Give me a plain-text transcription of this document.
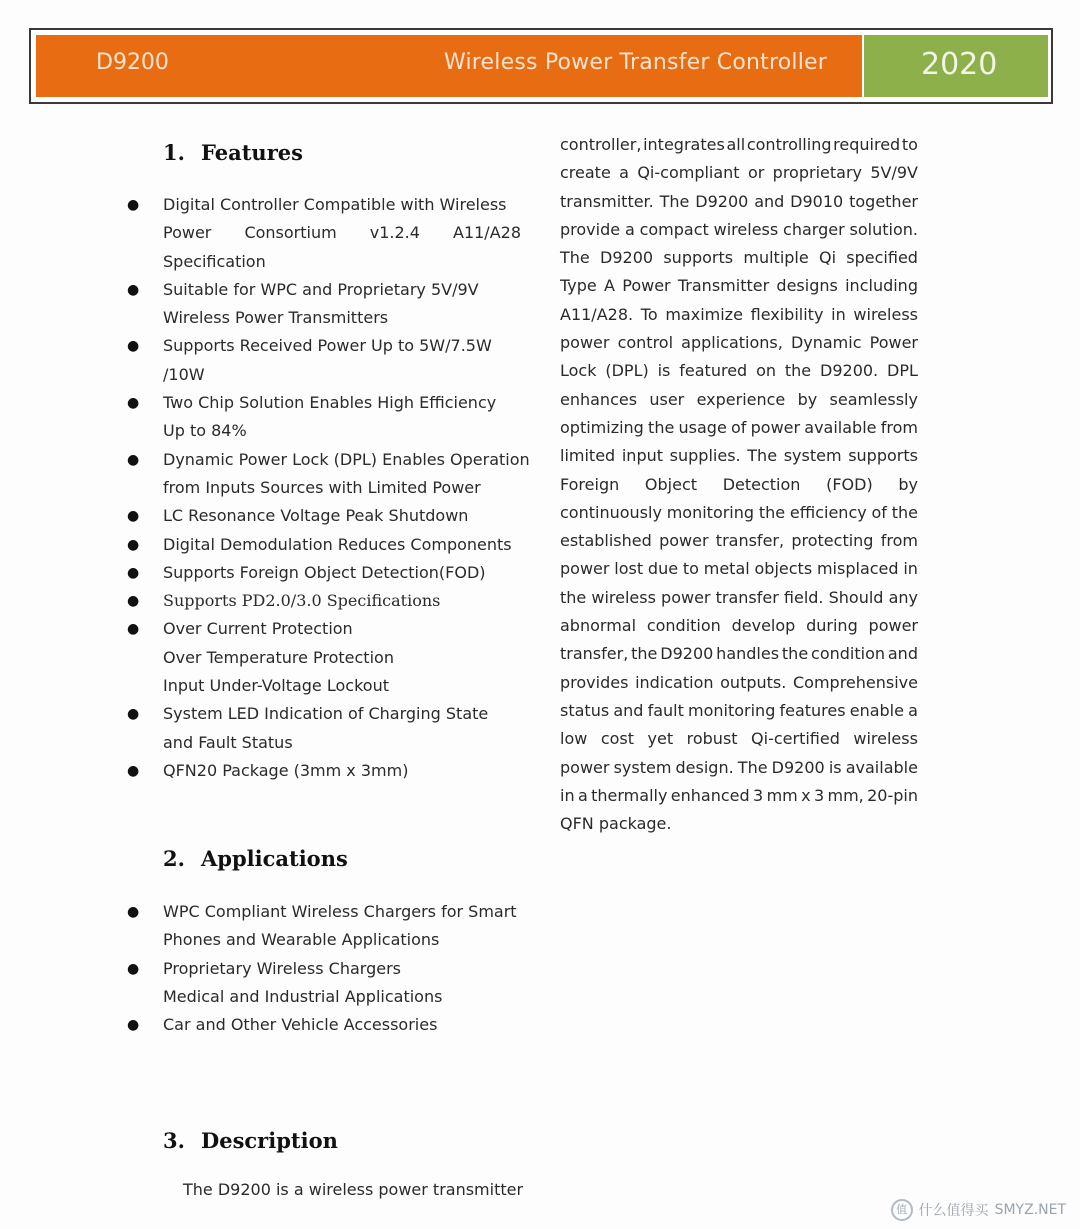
D9200	Wireless Power Transfer Controller	2020
1. Features
● Digital Controller Compatible with Wireless
Power Consortium v1.2.4 A11/A28
Specification
● Suitable for WPC and Proprietary 5V/9V
Wireless Power Transmitters
● Supports Received Power Up to 5W/7.5W
/10W
● Two Chip Solution Enables High Efficiency
Up to 84%
● Dynamic Power Lock (DPL) Enables Operation
from Inputs Sources with Limited Power
● LC Resonance Voltage Peak Shutdown
● Digital Demodulation Reduces Components
● Supports Foreign Object Detection(FOD)
● Supports PD2.0/3.0 Specifications
● Over Current Protection
Over Temperature Protection
Input Under-Voltage Lockout
● System LED Indication of Charging State
and Fault Status
● QFN20 Package (3mm x 3mm)
2. Applications
● WPC Compliant Wireless Chargers for Smart
Phones and Wearable Applications
● Proprietary Wireless Chargers
Medical and Industrial Applications
● Car and Other Vehicle Accessories
3. Description
The D9200 is a wireless power transmitter
controller, integrates all controlling required to
create a Qi-compliant or proprietary 5V/9V
transmitter. The D9200 and D9010 together
provide a compact wireless charger solution.
The D9200 supports multiple Qi specified
Type A Power Transmitter designs including
A11/A28. To maximize flexibility in wireless
power control applications, Dynamic Power
Lock (DPL) is featured on the D9200. DPL
enhances user experience by seamlessly
optimizing the usage of power available from
limited input supplies. The system supports
Foreign Object Detection (FOD) by
continuously monitoring the efficiency of the
established power transfer, protecting from
power lost due to metal objects misplaced in
the wireless power transfer field. Should any
abnormal condition develop during power
transfer, the D9200 handles the condition and
provides indication outputs. Comprehensive
status and fault monitoring features enable a
low cost yet robust Qi-certified wireless
power system design. The D9200 is available
in a thermally enhanced 3 mm x 3 mm, 20-pin
QFN package.
值 什么值得买 SMYZ.NET
